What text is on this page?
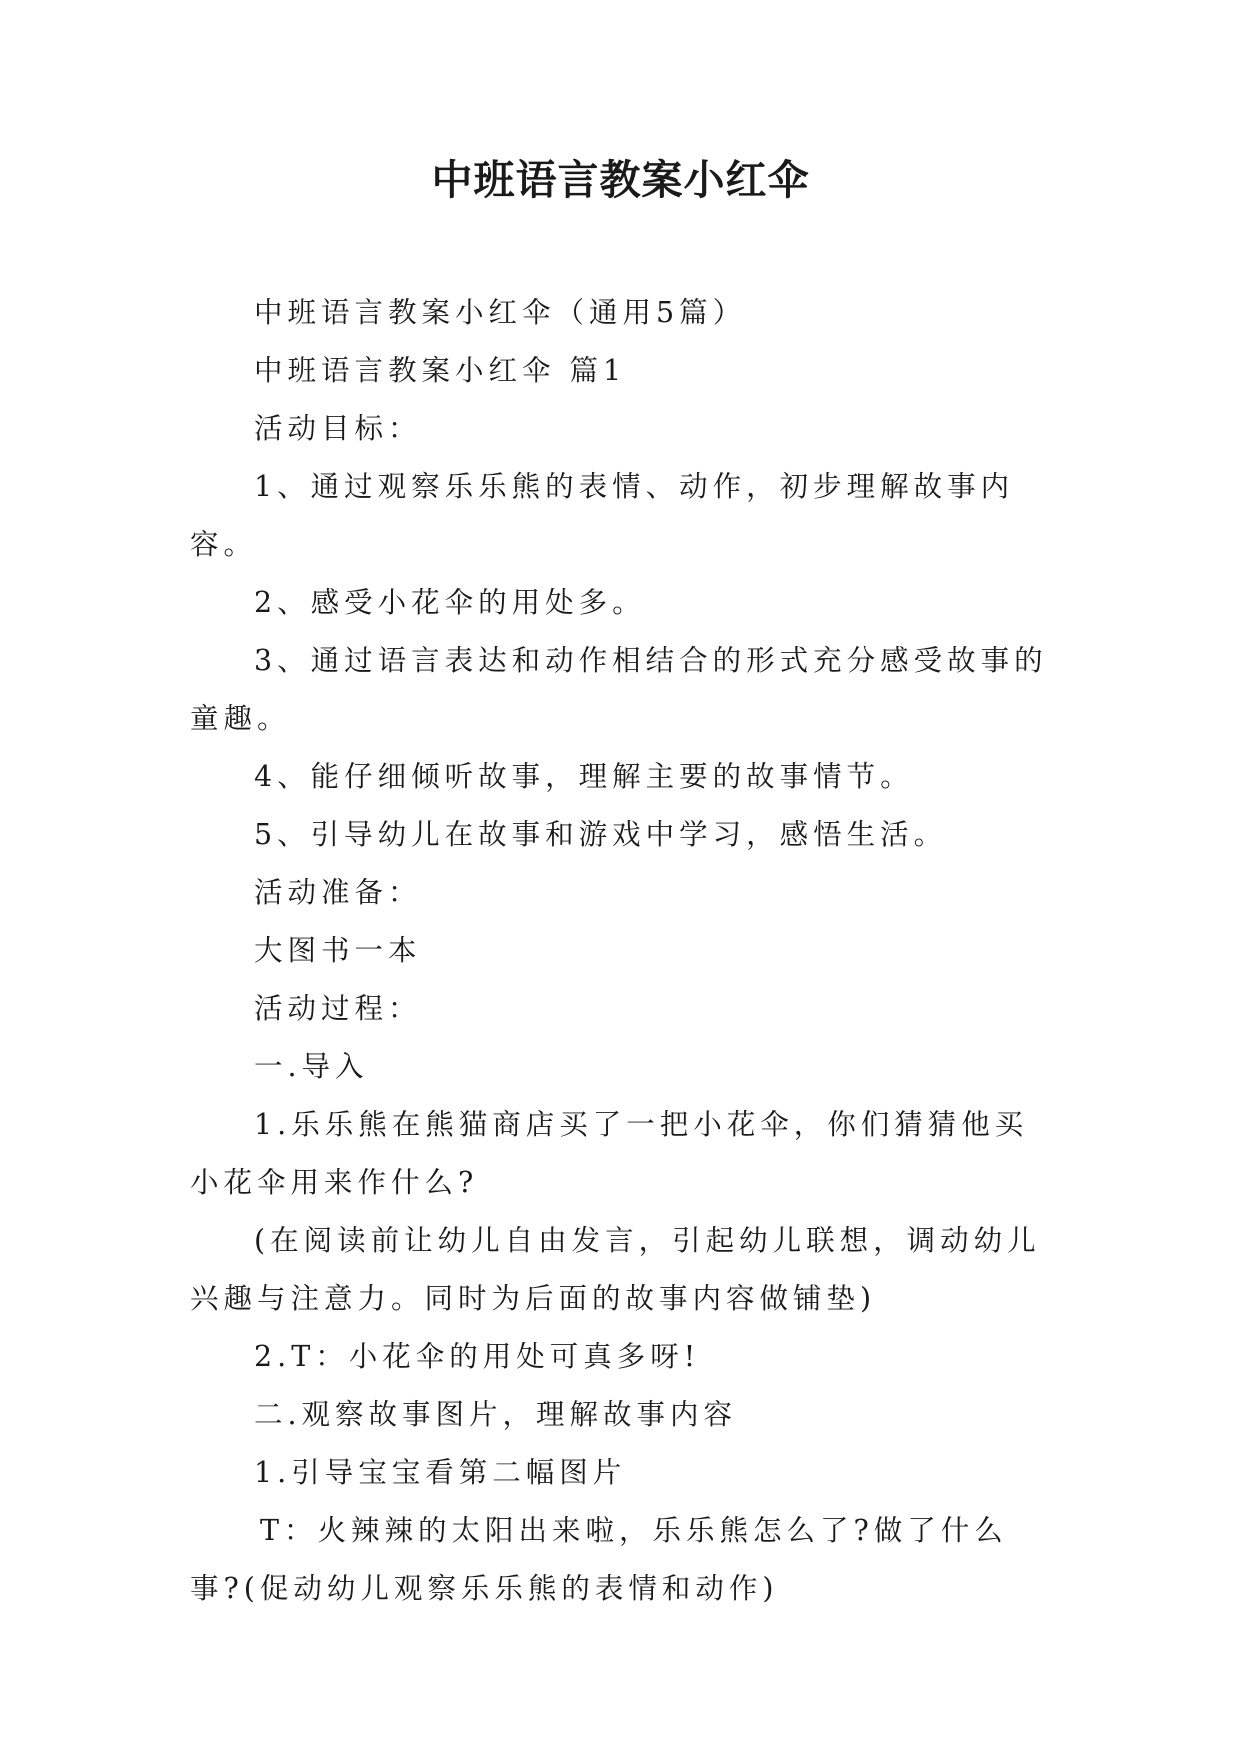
中班语言教案小红伞

中班语言教案小红伞（通用5篇）

中班语言教案小红伞 篇1

活动目标：

1、通过观察乐乐熊的表情、动作，初步理解故事内容。

2、感受小花伞的用处多。

3、通过语言表达和动作相结合的形式充分感受故事的童趣。

4、能仔细倾听故事，理解主要的故事情节。

5、引导幼儿在故事和游戏中学习，感悟生活。

活动准备：

大图书一本

活动过程：

一.导入

1.乐乐熊在熊猫商店买了一把小花伞，你们猜猜他买小花伞用来作什么?

(在阅读前让幼儿自由发言，引起幼儿联想，调动幼儿兴趣与注意力。同时为后面的故事内容做铺垫)

2.T：小花伞的用处可真多呀!

二.观察故事图片，理解故事内容

1.引导宝宝看第二幅图片

T：火辣辣的太阳出来啦，乐乐熊怎么了?做了什么事?(促动幼儿观察乐乐熊的表情和动作)
